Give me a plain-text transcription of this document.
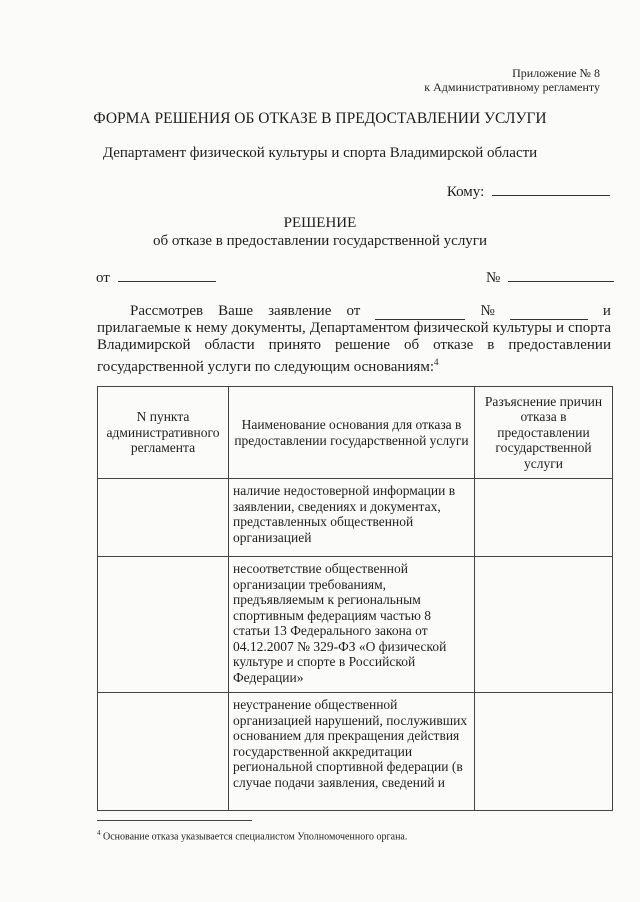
Приложение № 8
к Административному регламенту
ФОРМА РЕШЕНИЯ ОБ ОТКАЗЕ В ПРЕДОСТАВЛЕНИИ УСЛУГИ
Департамент физической культуры и спорта Владимирской области
Кому:
РЕШЕНИЕ
об отказе в предоставлении государственной услуги
от	№
Рассмотрев Ваше заявление от	№	и
прилагаемые к нему документы, Департаментом физической культуры и спорта
Владимирской области принято решение об отказе в предоставлении
государственной услуги по следующим основаниям:$^4$
N пункта административного регламента	Наименование основания для отказа в предоставлении государственной услуги	Разъяснение причин отказа в предоставлении государственной услуги
	наличие недостоверной информации в заявлении, сведениях и документах, представленных общественной организацией	
	несоответствие общественной организации требованиям, предъявляемым к региональным спортивным федерациям частью 8 статьи 13 Федерального закона от 04.12.2007 № 329-ФЗ «О физической культуре и спорте в Российской Федерации»	
	неустранение общественной организацией нарушений, послуживших основанием для прекращения действия государственной аккредитации региональной спортивной федерации (в случае подачи заявления, сведений и	
$^4$ Основание отказа указывается специалистом Уполномоченного органа.
